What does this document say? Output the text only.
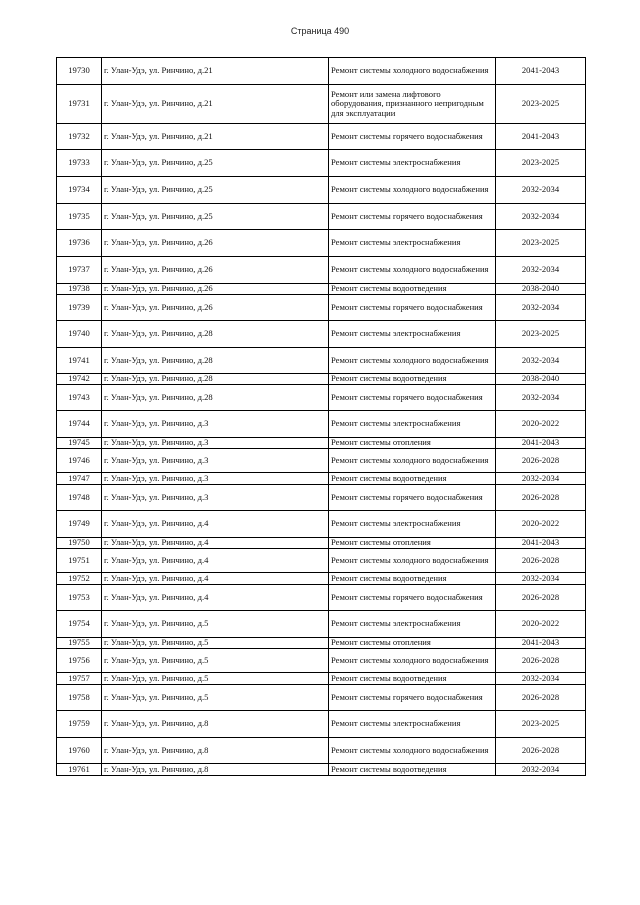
Страница 490
19730	г. Улан-Удэ, ул. Ринчино, д.21	Ремонт системы холодного водоснабжения	2041-2043
19731	г. Улан-Удэ, ул. Ринчино, д.21	Ремонт или замена лифтового оборудования, признанного непригодным для эксплуатации	2023-2025
19732	г. Улан-Удэ, ул. Ринчино, д.21	Ремонт системы горячего водоснабжения	2041-2043
19733	г. Улан-Удэ, ул. Ринчино, д.25	Ремонт системы электроснабжения	2023-2025
19734	г. Улан-Удэ, ул. Ринчино, д.25	Ремонт системы холодного водоснабжения	2032-2034
19735	г. Улан-Удэ, ул. Ринчино, д.25	Ремонт системы горячего водоснабжения	2032-2034
19736	г. Улан-Удэ, ул. Ринчино, д.26	Ремонт системы электроснабжения	2023-2025
19737	г. Улан-Удэ, ул. Ринчино, д.26	Ремонт системы холодного водоснабжения	2032-2034
19738	г. Улан-Удэ, ул. Ринчино, д.26	Ремонт системы водоотведения	2038-2040
19739	г. Улан-Удэ, ул. Ринчино, д.26	Ремонт системы горячего водоснабжения	2032-2034
19740	г. Улан-Удэ, ул. Ринчино, д.28	Ремонт системы электроснабжения	2023-2025
19741	г. Улан-Удэ, ул. Ринчино, д.28	Ремонт системы холодного водоснабжения	2032-2034
19742	г. Улан-Удэ, ул. Ринчино, д.28	Ремонт системы водоотведения	2038-2040
19743	г. Улан-Удэ, ул. Ринчино, д.28	Ремонт системы горячего водоснабжения	2032-2034
19744	г. Улан-Удэ, ул. Ринчино, д.3	Ремонт системы электроснабжения	2020-2022
19745	г. Улан-Удэ, ул. Ринчино, д.3	Ремонт системы отопления	2041-2043
19746	г. Улан-Удэ, ул. Ринчино, д.3	Ремонт системы холодного водоснабжения	2026-2028
19747	г. Улан-Удэ, ул. Ринчино, д.3	Ремонт системы водоотведения	2032-2034
19748	г. Улан-Удэ, ул. Ринчино, д.3	Ремонт системы горячего водоснабжения	2026-2028
19749	г. Улан-Удэ, ул. Ринчино, д.4	Ремонт системы электроснабжения	2020-2022
19750	г. Улан-Удэ, ул. Ринчино, д.4	Ремонт системы отопления	2041-2043
19751	г. Улан-Удэ, ул. Ринчино, д.4	Ремонт системы холодного водоснабжения	2026-2028
19752	г. Улан-Удэ, ул. Ринчино, д.4	Ремонт системы водоотведения	2032-2034
19753	г. Улан-Удэ, ул. Ринчино, д.4	Ремонт системы горячего водоснабжения	2026-2028
19754	г. Улан-Удэ, ул. Ринчино, д.5	Ремонт системы электроснабжения	2020-2022
19755	г. Улан-Удэ, ул. Ринчино, д.5	Ремонт системы отопления	2041-2043
19756	г. Улан-Удэ, ул. Ринчино, д.5	Ремонт системы холодного водоснабжения	2026-2028
19757	г. Улан-Удэ, ул. Ринчино, д.5	Ремонт системы водоотведения	2032-2034
19758	г. Улан-Удэ, ул. Ринчино, д.5	Ремонт системы горячего водоснабжения	2026-2028
19759	г. Улан-Удэ, ул. Ринчино, д.8	Ремонт системы электроснабжения	2023-2025
19760	г. Улан-Удэ, ул. Ринчино, д.8	Ремонт системы холодного водоснабжения	2026-2028
19761	г. Улан-Удэ, ул. Ринчино, д.8	Ремонт системы водоотведения	2032-2034
